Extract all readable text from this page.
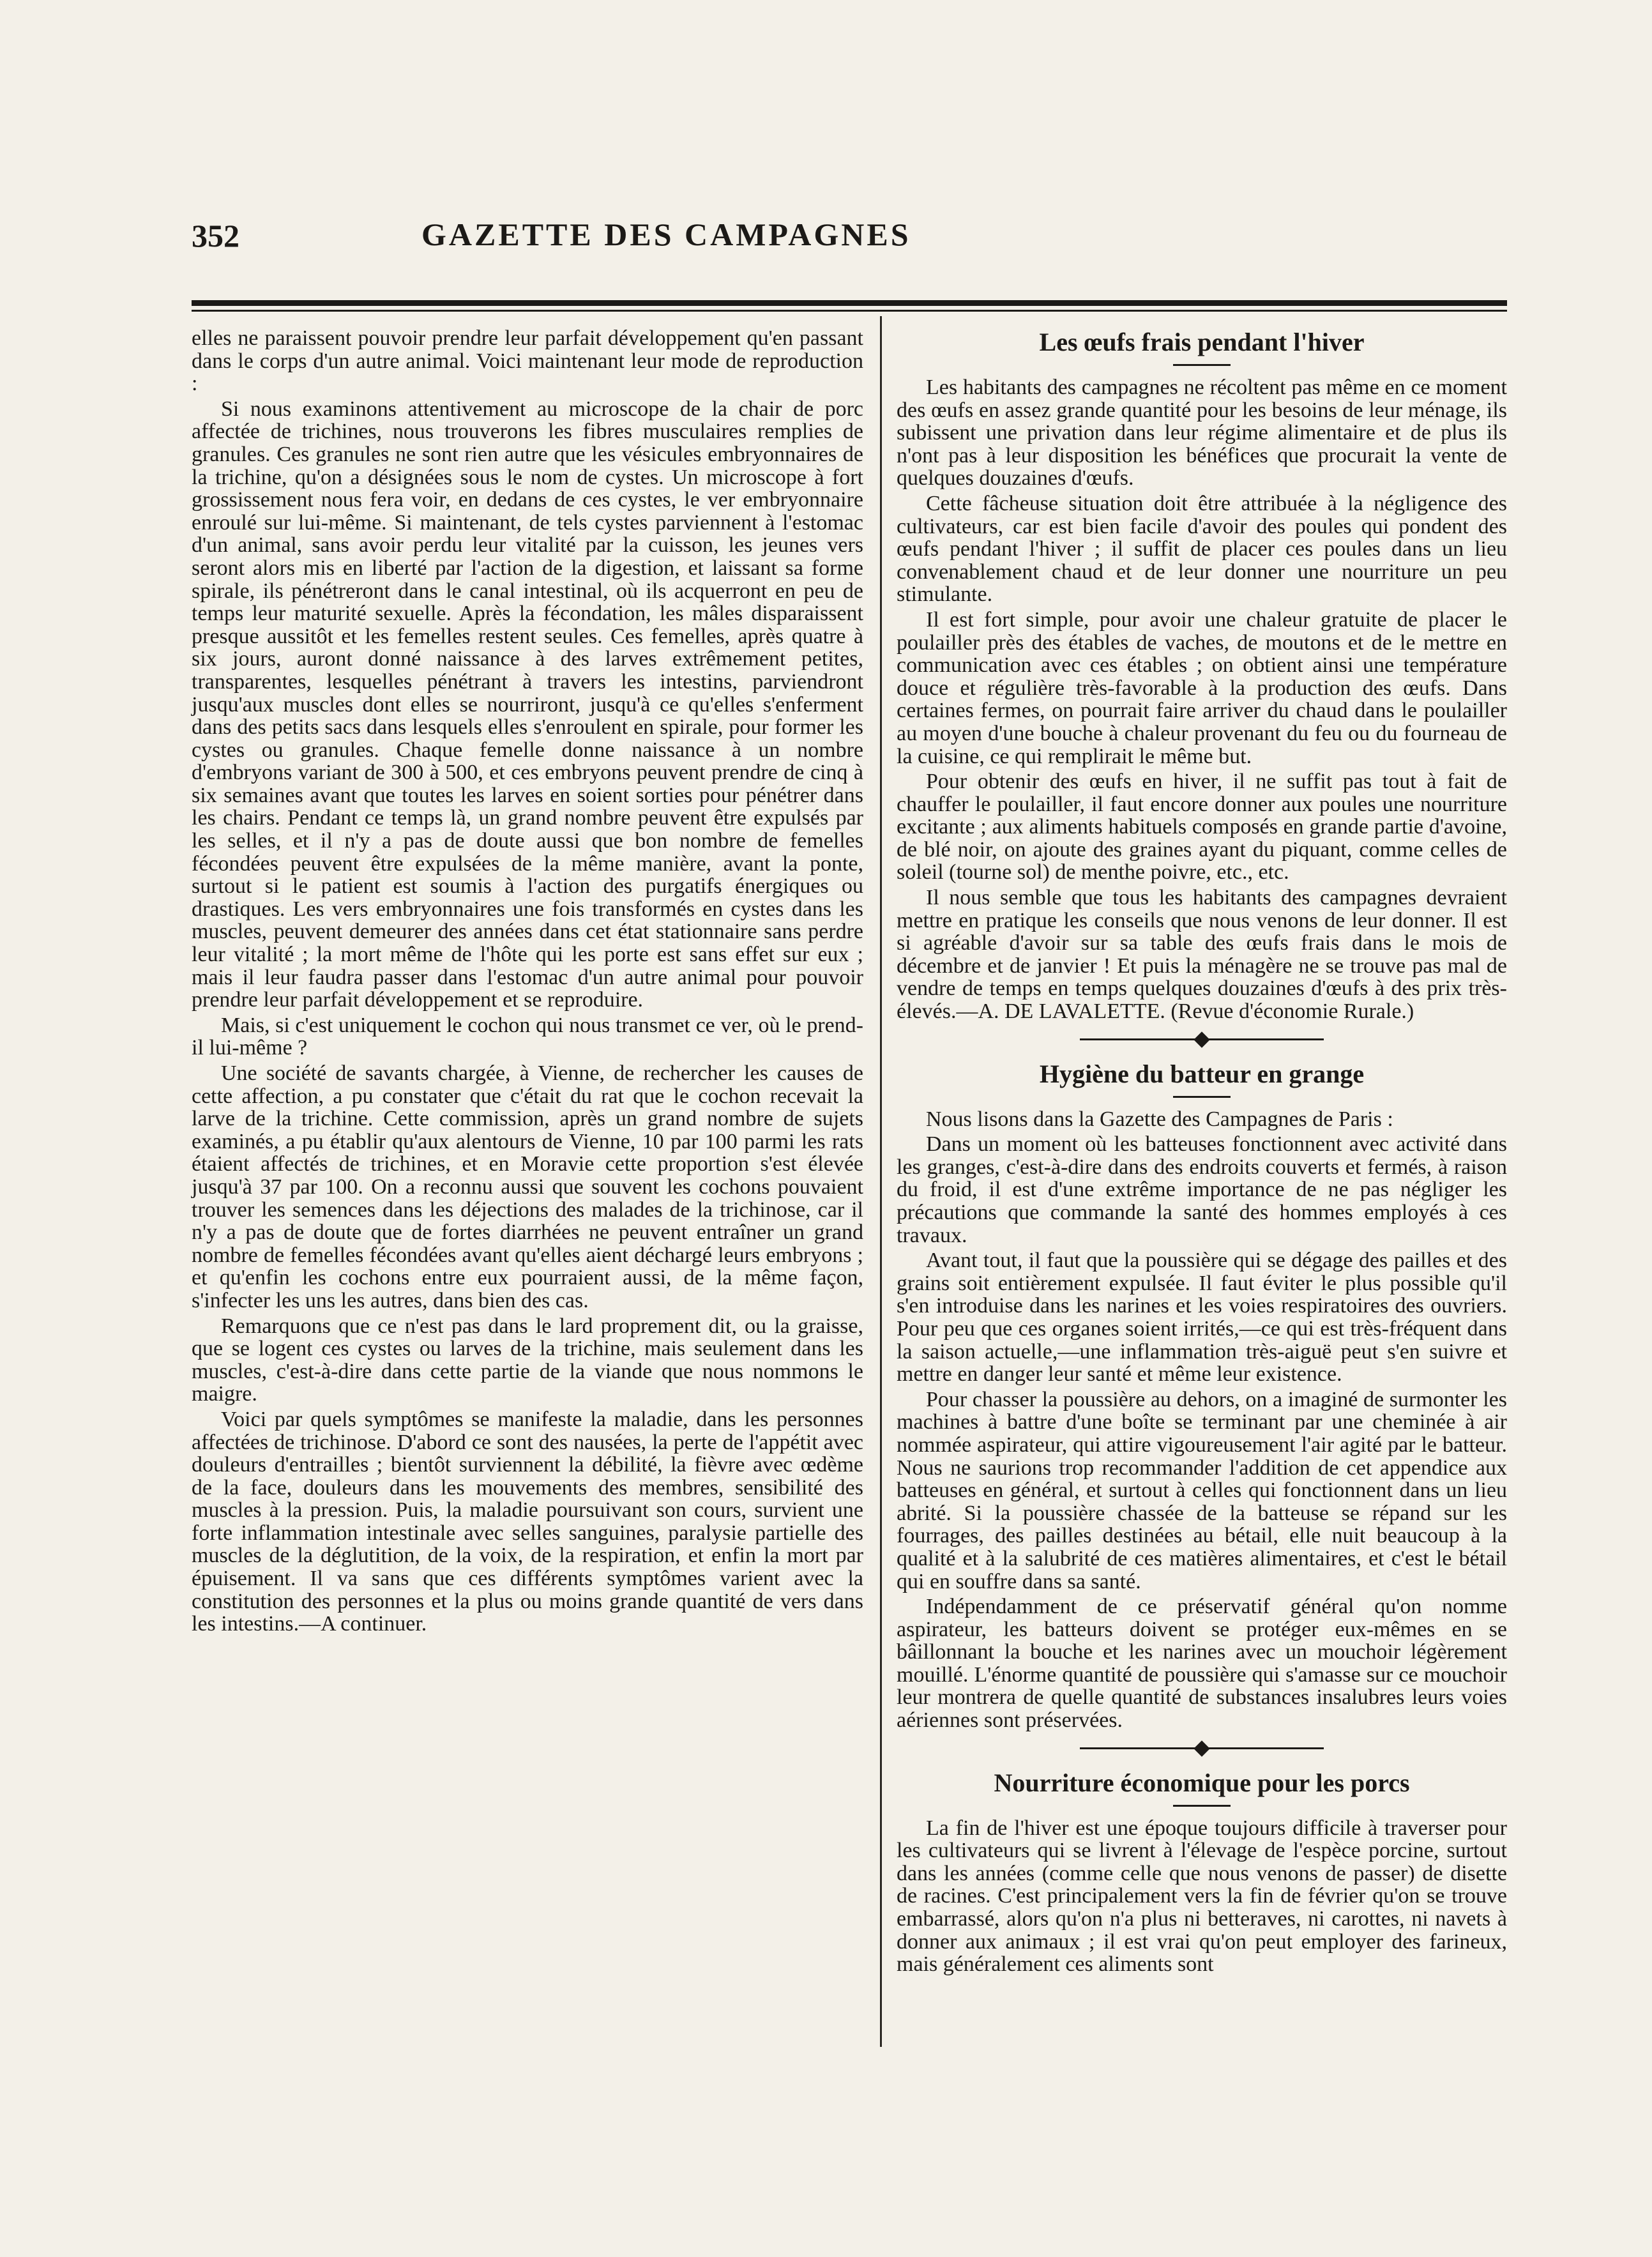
352	GAZETTE DES CAMPAGNES

elles ne paraissent pouvoir prendre leur parfait développement qu'en passant dans le corps d'un autre animal. Voici maintenant leur mode de reproduction :

Si nous examinons attentivement au microscope de la chair de porc affectée de trichines, nous trouverons les fibres musculaires remplies de granules. Ces granules ne sont rien autre que les vésicules embryonnaires de la trichine, qu'on a désignées sous le nom de cystes. Un microscope à fort grossissement nous fera voir, en dedans de ces cystes, le ver embryonnaire enroulé sur lui-même. Si maintenant, de tels cystes parviennent à l'estomac d'un animal, sans avoir perdu leur vitalité par la cuisson, les jeunes vers seront alors mis en liberté par l'action de la digestion, et laissant sa forme spirale, ils pénétreront dans le canal intestinal, où ils acquerront en peu de temps leur maturité sexuelle. Après la fécondation, les mâles disparaissent presque aussitôt et les femelles restent seules. Ces femelles, après quatre à six jours, auront donné naissance à des larves extrêmement petites, transparentes, lesquelles pénétrant à travers les intestins, parviendront jusqu'aux muscles dont elles se nourriront, jusqu'à ce qu'elles s'enferment dans des petits sacs dans lesquels elles s'enroulent en spirale, pour former les cystes ou granules. Chaque femelle donne naissance à un nombre d'embryons variant de 300 à 500, et ces embryons peuvent prendre de cinq à six semaines avant que toutes les larves en soient sorties pour pénétrer dans les chairs. Pendant ce temps là, un grand nombre peuvent être expulsés par les selles, et il n'y a pas de doute aussi que bon nombre de femelles fécondées peuvent être expulsées de la même manière, avant la ponte, surtout si le patient est soumis à l'action des purgatifs énergiques ou drastiques. Les vers embryonnaires une fois transformés en cystes dans les muscles, peuvent demeurer des années dans cet état stationnaire sans perdre leur vitalité ; la mort même de l'hôte qui les porte est sans effet sur eux ; mais il leur faudra passer dans l'estomac d'un autre animal pour pouvoir prendre leur parfait développement et se reproduire.

Mais, si c'est uniquement le cochon qui nous transmet ce ver, où le prend-il lui-même ?

Une société de savants chargée, à Vienne, de rechercher les causes de cette affection, a pu constater que c'était du rat que le cochon recevait la larve de la trichine. Cette commission, après un grand nombre de sujets examinés, a pu établir qu'aux alentours de Vienne, 10 par 100 parmi les rats étaient affectés de trichines, et en Moravie cette proportion s'est élevée jusqu'à 37 par 100. On a reconnu aussi que souvent les cochons pouvaient trouver les semences dans les déjections des malades de la trichinose, car il n'y a pas de doute que de fortes diarrhées ne peuvent entraîner un grand nombre de femelles fécondées avant qu'elles aient déchargé leurs embryons ; et qu'enfin les cochons entre eux pourraient aussi, de la même façon, s'infecter les uns les autres, dans bien des cas.

Remarquons que ce n'est pas dans le lard proprement dit, ou la graisse, que se logent ces cystes ou larves de la trichine, mais seulement dans les muscles, c'est-à-dire dans cette partie de la viande que nous nommons le maigre.

Voici par quels symptômes se manifeste la maladie, dans les personnes affectées de trichinose. D'abord ce sont des nausées, la perte de l'appétit avec douleurs d'entrailles ; bientôt surviennent la débilité, la fièvre avec œdème de la face, douleurs dans les mouvements des membres, sensibilité des muscles à la pression. Puis, la maladie poursuivant son cours, survient une forte inflammation intestinale avec selles sanguines, paralysie partielle des muscles de la déglutition, de la voix, de la respiration, et enfin la mort par épuisement. Il va sans que ces différents symptômes varient avec la constitution des personnes et la plus ou moins grande quantité de vers dans les intestins.—A continuer.

Les œufs frais pendant l'hiver

Les habitants des campagnes ne récoltent pas même en ce moment des œufs en assez grande quantité pour les besoins de leur ménage, ils subissent une privation dans leur régime alimentaire et de plus ils n'ont pas à leur disposition les bénéfices que procurait la vente de quelques douzaines d'œufs.

Cette fâcheuse situation doit être attribuée à la négligence des cultivateurs, car est bien facile d'avoir des poules qui pondent des œufs pendant l'hiver ; il suffit de placer ces poules dans un lieu convenablement chaud et de leur donner une nourriture un peu stimulante.

Il est fort simple, pour avoir une chaleur gratuite de placer le poulailler près des étables de vaches, de moutons et de le mettre en communication avec ces étables ; on obtient ainsi une température douce et régulière très-favorable à la production des œufs. Dans certaines fermes, on pourrait faire arriver du chaud dans le poulailler au moyen d'une bouche à chaleur provenant du feu ou du fourneau de la cuisine, ce qui remplirait le même but.

Pour obtenir des œufs en hiver, il ne suffit pas tout à fait de chauffer le poulailler, il faut encore donner aux poules une nourriture excitante ; aux aliments habituels composés en grande partie d'avoine, de blé noir, on ajoute des graines ayant du piquant, comme celles de soleil (tourne sol) de menthe poivre, etc., etc.

Il nous semble que tous les habitants des campagnes devraient mettre en pratique les conseils que nous venons de leur donner. Il est si agréable d'avoir sur sa table des œufs frais dans le mois de décembre et de janvier ! Et puis la ménagère ne se trouve pas mal de vendre de temps en temps quelques douzaines d'œufs à des prix très-élevés.—A. DE LAVALETTE. (Revue d'économie Rurale.)

Hygiène du batteur en grange

Nous lisons dans la Gazette des Campagnes de Paris :

Dans un moment où les batteuses fonctionnent avec activité dans les granges, c'est-à-dire dans des endroits couverts et fermés, à raison du froid, il est d'une extrême importance de ne pas négliger les précautions que commande la santé des hommes employés à ces travaux.

Avant tout, il faut que la poussière qui se dégage des pailles et des grains soit entièrement expulsée. Il faut éviter le plus possible qu'il s'en introduise dans les narines et les voies respiratoires des ouvriers. Pour peu que ces organes soient irrités,—ce qui est très-fréquent dans la saison actuelle,—une inflammation très-aiguë peut s'en suivre et mettre en danger leur santé et même leur existence.

Pour chasser la poussière au dehors, on a imaginé de surmonter les machines à battre d'une boîte se terminant par une cheminée à air nommée aspirateur, qui attire vigoureusement l'air agité par le batteur. Nous ne saurions trop recommander l'addition de cet appendice aux batteuses en général, et surtout à celles qui fonctionnent dans un lieu abrité. Si la poussière chassée de la batteuse se répand sur les fourrages, des pailles destinées au bétail, elle nuit beaucoup à la qualité et à la salubrité de ces matières alimentaires, et c'est le bétail qui en souffre dans sa santé.

Indépendamment de ce préservatif général qu'on nomme aspirateur, les batteurs doivent se protéger eux-mêmes en se bâillonnant la bouche et les narines avec un mouchoir légèrement mouillé. L'énorme quantité de poussière qui s'amasse sur ce mouchoir leur montrera de quelle quantité de substances insalubres leurs voies aériennes sont préservées.

Nourriture économique pour les porcs

La fin de l'hiver est une époque toujours difficile à traverser pour les cultivateurs qui se livrent à l'élevage de l'espèce porcine, surtout dans les années (comme celle que nous venons de passer) de disette de racines. C'est principalement vers la fin de février qu'on se trouve embarrassé, alors qu'on n'a plus ni betteraves, ni carottes, ni navets à donner aux animaux ; il est vrai qu'on peut employer des farineux, mais généralement ces aliments sont
